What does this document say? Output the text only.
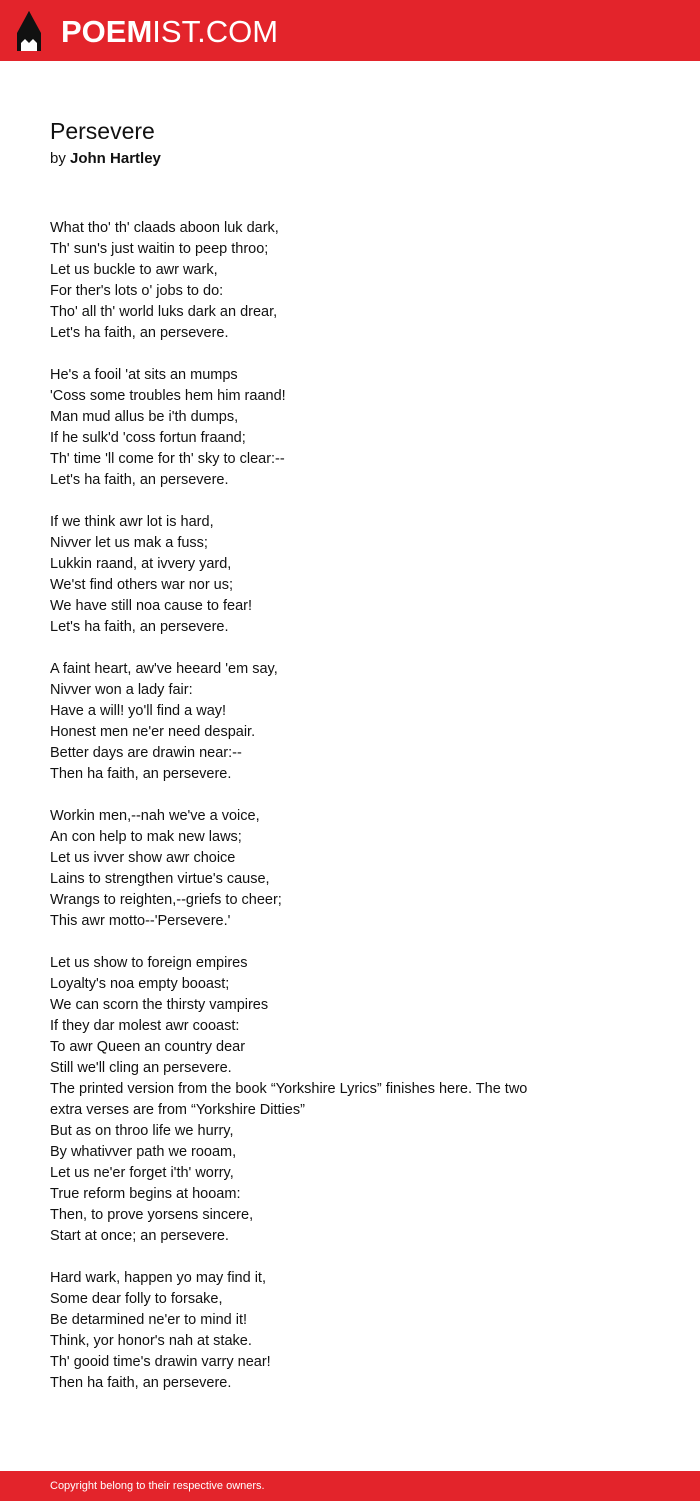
POEMIST.COM
Persevere
by John Hartley
What tho' th' claads aboon luk dark,
Th' sun's just waitin to peep throo;
Let us buckle to awr wark,
For ther's lots o' jobs to do:
Tho' all th' world luks dark an drear,
Let's ha faith, an persevere.
He's a fooil 'at sits an mumps
'Coss some troubles hem him raand!
Man mud allus be i'th dumps,
If he sulk'd 'coss fortun fraand;
Th' time 'll come for th' sky to clear:--
Let's ha faith, an persevere.
If we think awr lot is hard,
Nivver let us mak a fuss;
Lukkin raand, at ivvery yard,
We'st find others war nor us;
We have still noa cause to fear!
Let's ha faith, an persevere.
A faint heart, aw've heeard 'em say,
Nivver won a lady fair:
Have a will! yo'll find a way!
Honest men ne'er need despair.
Better days are drawin near:--
Then ha faith, an persevere.
Workin men,--nah we've a voice,
An con help to mak new laws;
Let us ivver show awr choice
Lains to strengthen virtue's cause,
Wrangs to reighten,--griefs to cheer;
This awr motto--'Persevere.'
Let us show to foreign empires
Loyalty's noa empty booast;
We can scorn the thirsty vampires
If they dar molest awr cooast:
To awr Queen an country dear
Still we'll cling an persevere.
The printed version from the book “Yorkshire Lyrics” finishes here. The two extra verses are from “Yorkshire Ditties”
But as on throo life we hurry,
By whativver path we rooam,
Let us ne'er forget i'th' worry,
True reform begins at hooam:
Then, to prove yorsens sincere,
Start at once; an persevere.
Hard wark, happen yo may find it,
Some dear folly to forsake,
Be detarmined ne'er to mind it!
Think, yor honor's nah at stake.
Th' gooid time's drawin varry near!
Then ha faith, an persevere.
Copyright belong to their respective owners.
